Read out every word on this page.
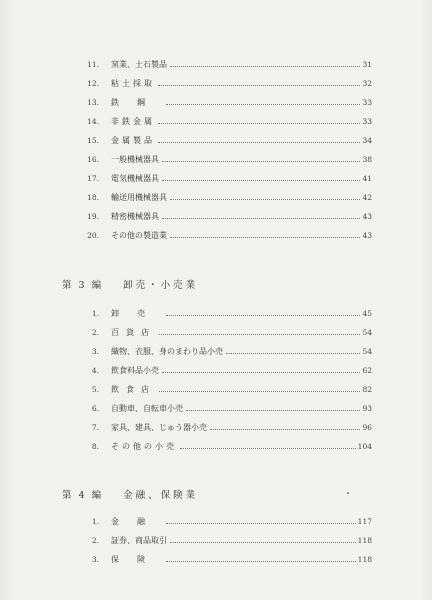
11. 窯業、土石製品	31
12. 粘土採取	32
13. 鉄鋼	33
14. 非鉄金属	33
15. 金属製品	34
16. 一般機械器具	38
17. 電気機械器具	41
18. 輸送用機械器具	42
19. 精密機械器具	43
20. その他の製造業	43
第 3 編 卸売・小売業
1. 卸売	45
2. 百貨店	54
3. 織物、衣服、身のまわり品小売	54
4. 飲食料品小売	62
5. 飲食店	82
6. 自動車、自転車小売	93
7. 家具、建具、じゅう器小売	96
8. その他の小売	104
第 4 編 金融、保険業
1. 金融	117
2. 証券、商品取引	118
3. 保険	118
